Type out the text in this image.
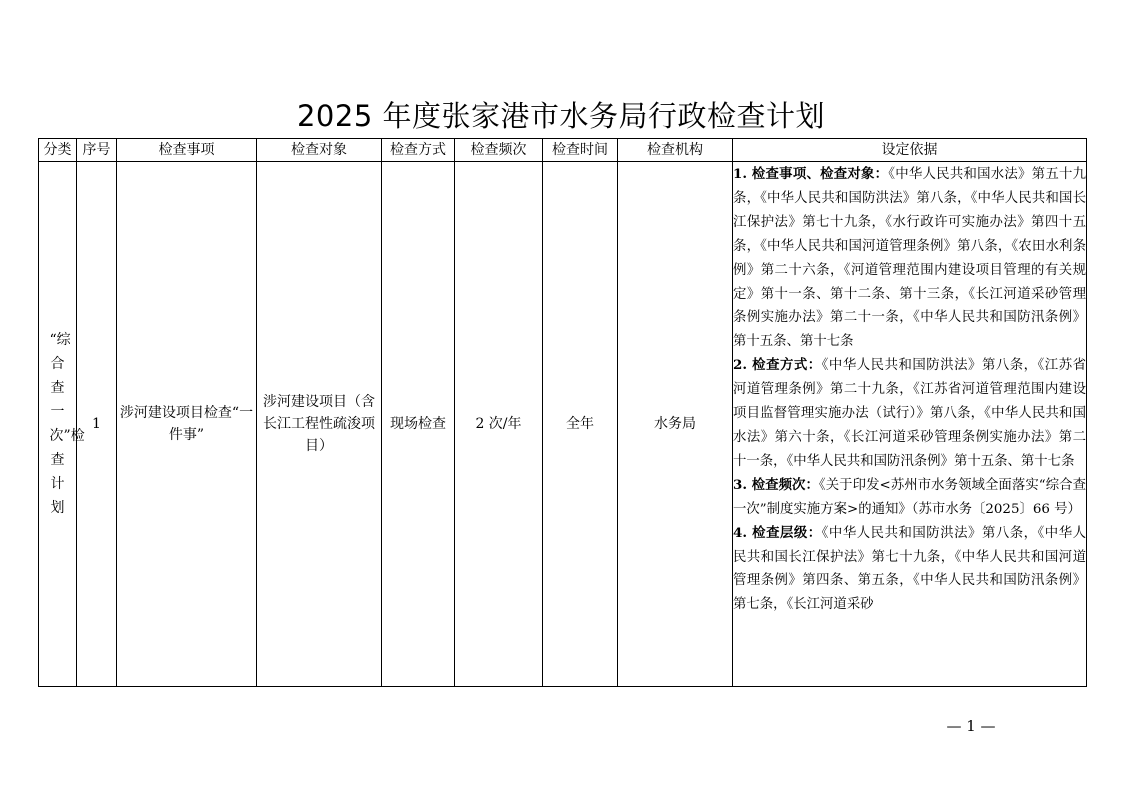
2025 年度张家港市水务局行政检查计划
分类	序号	检查事项	检查对象	检查方式	检查频次	检查时间	检查机构	设定依据
“综合查一次”检查计划	1	涉河建设项目检查“一件事”	涉河建设项目（含长江工程性疏浚项目）	现场检查	2 次/年	全年	水务局	1. 检查事项、检查对象：《中华人民共和国水法》第五十九条，《中华人民共和国防洪法》第八条，《中华人民共和国长江保护法》第七十九条，《水行政许可实施办法》第四十五条，《中华人民共和国河道管理条例》第八条，《农田水利条例》第二十六条，《河道管理范围内建设项目管理的有关规定》第十一条、第十二条、第十三条，《长江河道采砂管理条例实施办法》第二十一条，《中华人民共和国防汛条例》第十五条、第十七条
2. 检查方式：《中华人民共和国防洪法》第八条，《江苏省河道管理条例》第二十九条，《江苏省河道管理范围内建设项目监督管理实施办法（试行）》第八条，《中华人民共和国水法》第六十条，《长江河道采砂管理条例实施办法》第二十一条，《中华人民共和国防汛条例》第十五条、第十七条
3. 检查频次：《关于印发<苏州市水务领域全面落实“综合查一次”制度实施方案>的通知》（苏市水务〔2025〕66 号）
4. 检查层级：《中华人民共和国防洪法》第八条，《中华人民共和国长江保护法》第七十九条，《中华人民共和国河道管理条例》第四条、第五条，《中华人民共和国防汛条例》第七条，《长江河道采砂
— 1 —
